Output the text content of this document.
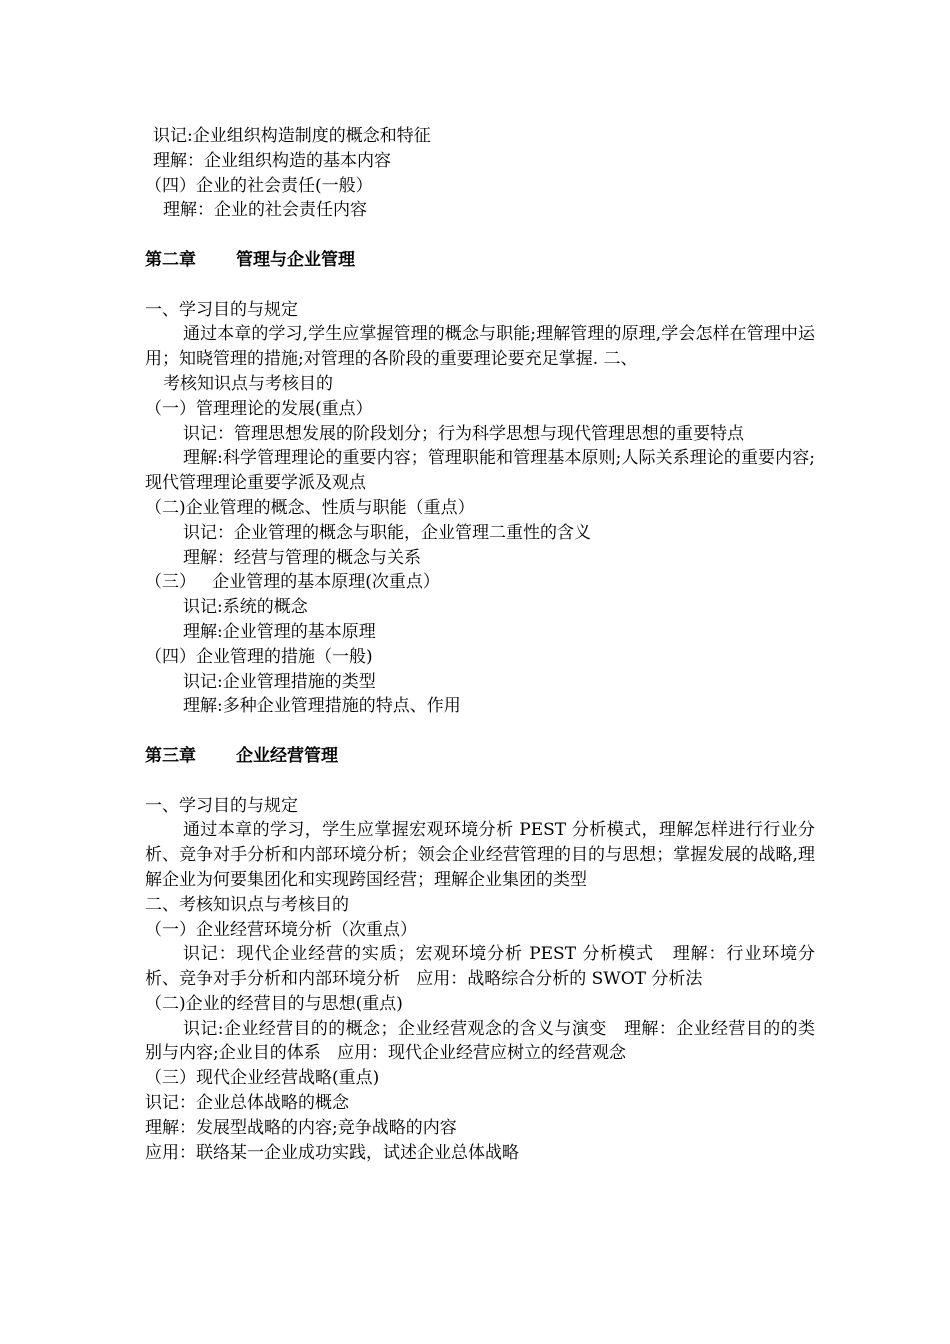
识记:企业组织构造制度的概念和特征
理解：企业组织构造的基本内容
（四）企业的社会责任(一般）
理解：企业的社会责任内容
第二章 管理与企业管理
一、学习目的与规定
通过本章的学习,学生应掌握管理的概念与职能;理解管理的原理,学会怎样在管理中运用；知晓管理的措施;对管理的各阶段的重要理论要充足掌握. 二、
考核知识点与考核目的
（一）管理理论的发展(重点）
识记：管理思想发展的阶段划分；行为科学思想与现代管理思想的重要特点
理解:科学管理理论的重要内容；管理职能和管理基本原则;人际关系理论的重要内容;现代管理理论重要学派及观点
（二)企业管理的概念、性质与职能（重点）
识记：企业管理的概念与职能，企业管理二重性的含义
理解：经营与管理的概念与关系
（三）   企业管理的基本原理(次重点）
识记:系统的概念
理解:企业管理的基本原理
（四）企业管理的措施（一般)
识记:企业管理措施的类型
理解:多种企业管理措施的特点、作用
第三章 企业经营管理
一、学习目的与规定
通过本章的学习，学生应掌握宏观环境分析 PEST 分析模式，理解怎样进行行业分析、竞争对手分析和内部环境分析；领会企业经营管理的目的与思想；掌握发展的战略,理解企业为何要集团化和实现跨国经营；理解企业集团的类型
二、考核知识点与考核目的
（一）企业经营环境分析（次重点）
识记：现代企业经营的实质；宏观环境分析 PEST 分析模式   理解：行业环境分析、竞争对手分析和内部环境分析   应用：战略综合分析的 SWOT 分析法
（二)企业的经营目的与思想(重点)
识记:企业经营目的的概念；企业经营观念的含义与演变   理解：企业经营目的的类别与内容;企业目的体系   应用：现代企业经营应树立的经营观念
（三）现代企业经营战略(重点)
识记：企业总体战略的概念
理解：发展型战略的内容;竞争战略的内容
应用：联络某一企业成功实践，试述企业总体战略
